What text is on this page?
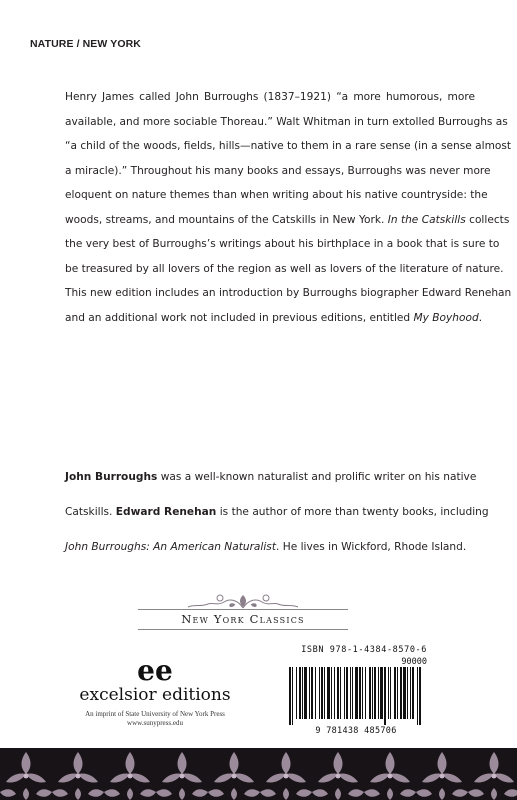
NATURE / NEW YORK
Henry James called John Burroughs (1837–1921) “a more humorous, more
available, and more sociable Thoreau.” Walt Whitman in turn extolled Burroughs as
“a child of the woods, fields, hills—native to them in a rare sense (in a sense almost
a miracle).” Throughout his many books and essays, Burroughs was never more
eloquent on nature themes than when writing about his native countryside: the
woods, streams, and mountains of the Catskills in New York. In the Catskills collects
the very best of Burroughs’s writings about his birthplace in a book that is sure to
be treasured by all lovers of the region as well as lovers of the literature of nature.
This new edition includes an introduction by Burroughs biographer Edward Renehan
and an additional work not included in previous editions, entitled My Boyhood.
John Burroughs was a well-known naturalist and prolific writer on his native
Catskills. Edward Renehan is the author of more than twenty books, including
John Burroughs: An American Naturalist. He lives in Wickford, Rhode Island.
New York Classics
ee
excelsior editions
An imprint of State University of New York Press
www.sunypress.edu
ISBN 978-1-4384-8570-6
90000
9 781438 485706
